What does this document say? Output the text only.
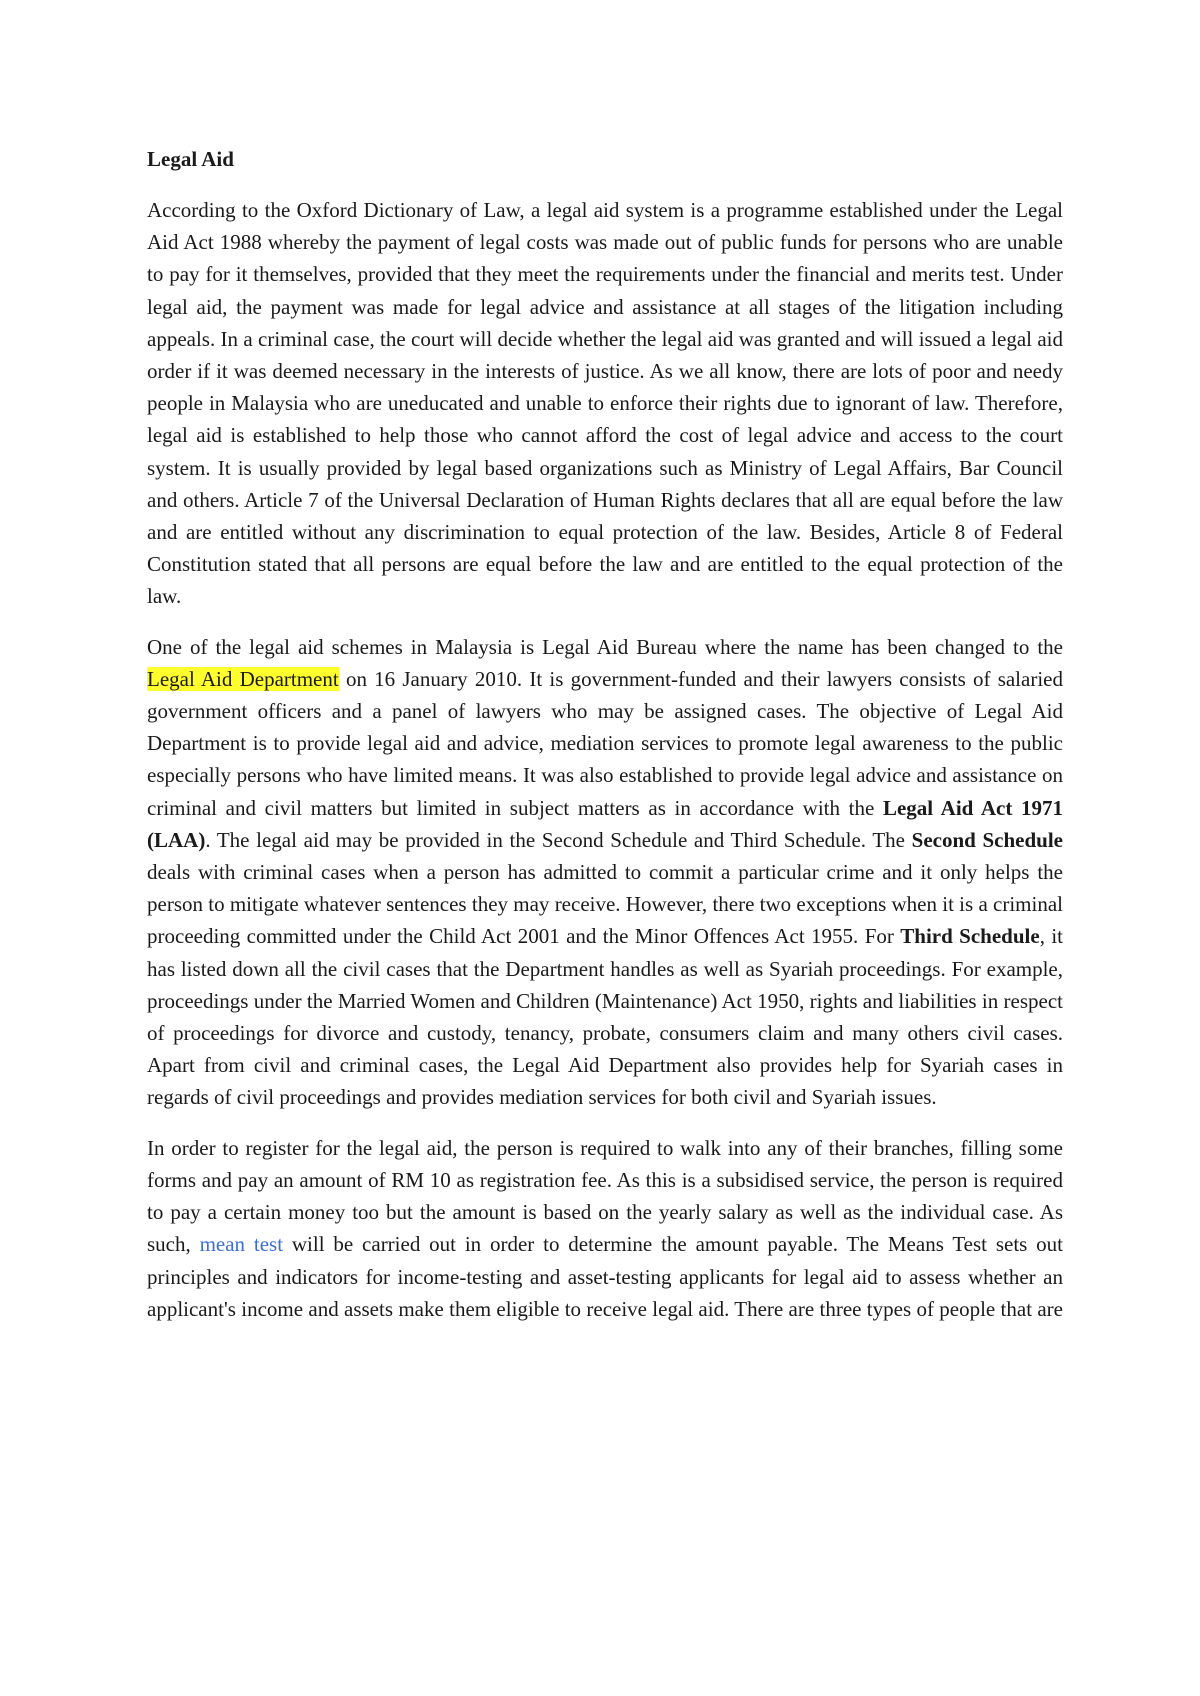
Legal Aid

According to the Oxford Dictionary of Law, a legal aid system is a programme established under the Legal Aid Act 1988 whereby the payment of legal costs was made out of public funds for persons who are unable to pay for it themselves, provided that they meet the requirements under the financial and merits test. Under legal aid, the payment was made for legal advice and assistance at all stages of the litigation including appeals. In a criminal case, the court will decide whether the legal aid was granted and will issued a legal aid order if it was deemed necessary in the interests of justice. As we all know, there are lots of poor and needy people in Malaysia who are uneducated and unable to enforce their rights due to ignorant of law. Therefore, legal aid is established to help those who cannot afford the cost of legal advice and access to the court system. It is usually provided by legal based organizations such as Ministry of Legal Affairs, Bar Council and others. Article 7 of the Universal Declaration of Human Rights declares that all are equal before the law and are entitled without any discrimination to equal protection of the law. Besides, Article 8 of Federal Constitution stated that all persons are equal before the law and are entitled to the equal protection of the law.

One of the legal aid schemes in Malaysia is Legal Aid Bureau where the name has been changed to the Legal Aid Department on 16 January 2010. It is government-funded and their lawyers consists of salaried government officers and a panel of lawyers who may be assigned cases. The objective of Legal Aid Department is to provide legal aid and advice, mediation services to promote legal awareness to the public especially persons who have limited means. It was also established to provide legal advice and assistance on criminal and civil matters but limited in subject matters as in accordance with the Legal Aid Act 1971 (LAA). The legal aid may be provided in the Second Schedule and Third Schedule. The Second Schedule deals with criminal cases when a person has admitted to commit a particular crime and it only helps the person to mitigate whatever sentences they may receive. However, there two exceptions when it is a criminal proceeding committed under the Child Act 2001 and the Minor Offences Act 1955. For Third Schedule, it has listed down all the civil cases that the Department handles as well as Syariah proceedings. For example, proceedings under the Married Women and Children (Maintenance) Act 1950, rights and liabilities in respect of proceedings for divorce and custody, tenancy, probate, consumers claim and many others civil cases. Apart from civil and criminal cases, the Legal Aid Department also provides help for Syariah cases in regards of civil proceedings and provides mediation services for both civil and Syariah issues.

In order to register for the legal aid, the person is required to walk into any of their branches, filling some forms and pay an amount of RM 10 as registration fee. As this is a subsidised service, the person is required to pay a certain money too but the amount is based on the yearly salary as well as the individual case. As such, mean test will be carried out in order to determine the amount payable. The Means Test sets out principles and indicators for income-testing and asset-testing applicants for legal aid to assess whether an applicant's income and assets make them eligible to receive legal aid. There are three types of people that are
